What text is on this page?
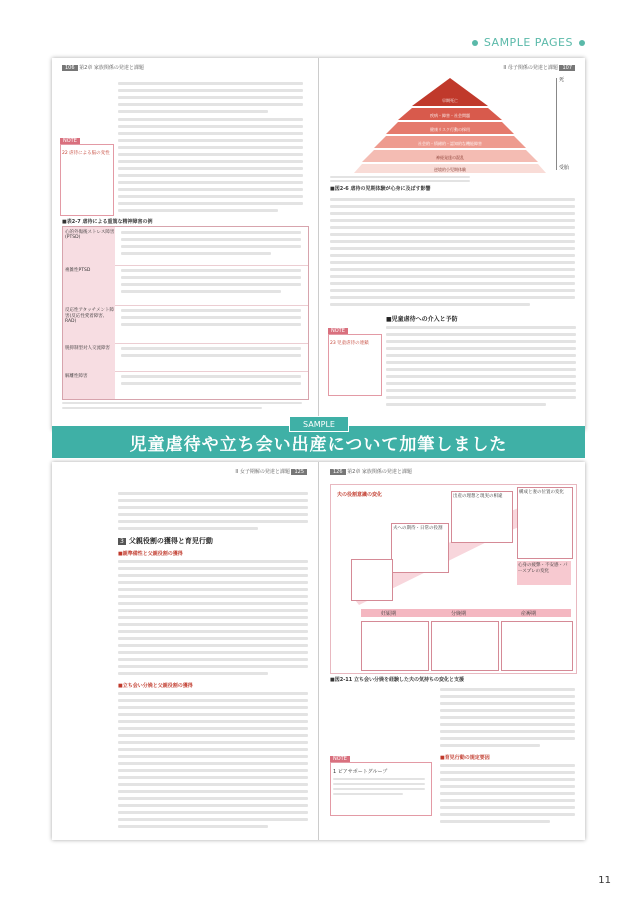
SAMPLE PAGES
106 第2章 家族関係の発達と課題
NOTE
22 虐待による脳の変性
■表2-7 虐待による重篤な精神障害の例
心的外傷後ストレス障害(PTSD)
複雑性PTSD
反応性アタッチメント障害(反応性愛着障害, RAD)
脱抑制型対人交流障害
解離性障害
II 母子関係の発達と課題 107
早期死亡
疾病・障害・社会問題
健康リスク行動の採用
社会的・情緒的・認知的な機能障害
神経発達の混乱
逆境的小児期体験
死
受胎
■図2-6 虐待の児期体験が心身に及ぼす影響
■児童虐待への介入と予防
NOTE
23 児童虐待の連鎖
児童虐待や立ち会い出産について加筆しました
SAMPLE
II 女子期解の発達と課題 125
3 父親役割の獲得と育児行動
■親準備性と父親役割の獲得
■立ち会い分娩と父親役割の獲得
126 第2章 家族関係の発達と課題
夫の役割意識の変化	出産の理想と現実の相違
構成と妻の位置の変化
夫への期待・日常の役割
心身の疲弊・不安感・パースプレの変化
妊娠期	分娩期	産褥期
■図2-11 立ち会い分娩を経験した夫の気持ちの変化と支援
■育児行動の規定要因
NOTE
1 ピアサポートグループ
11
